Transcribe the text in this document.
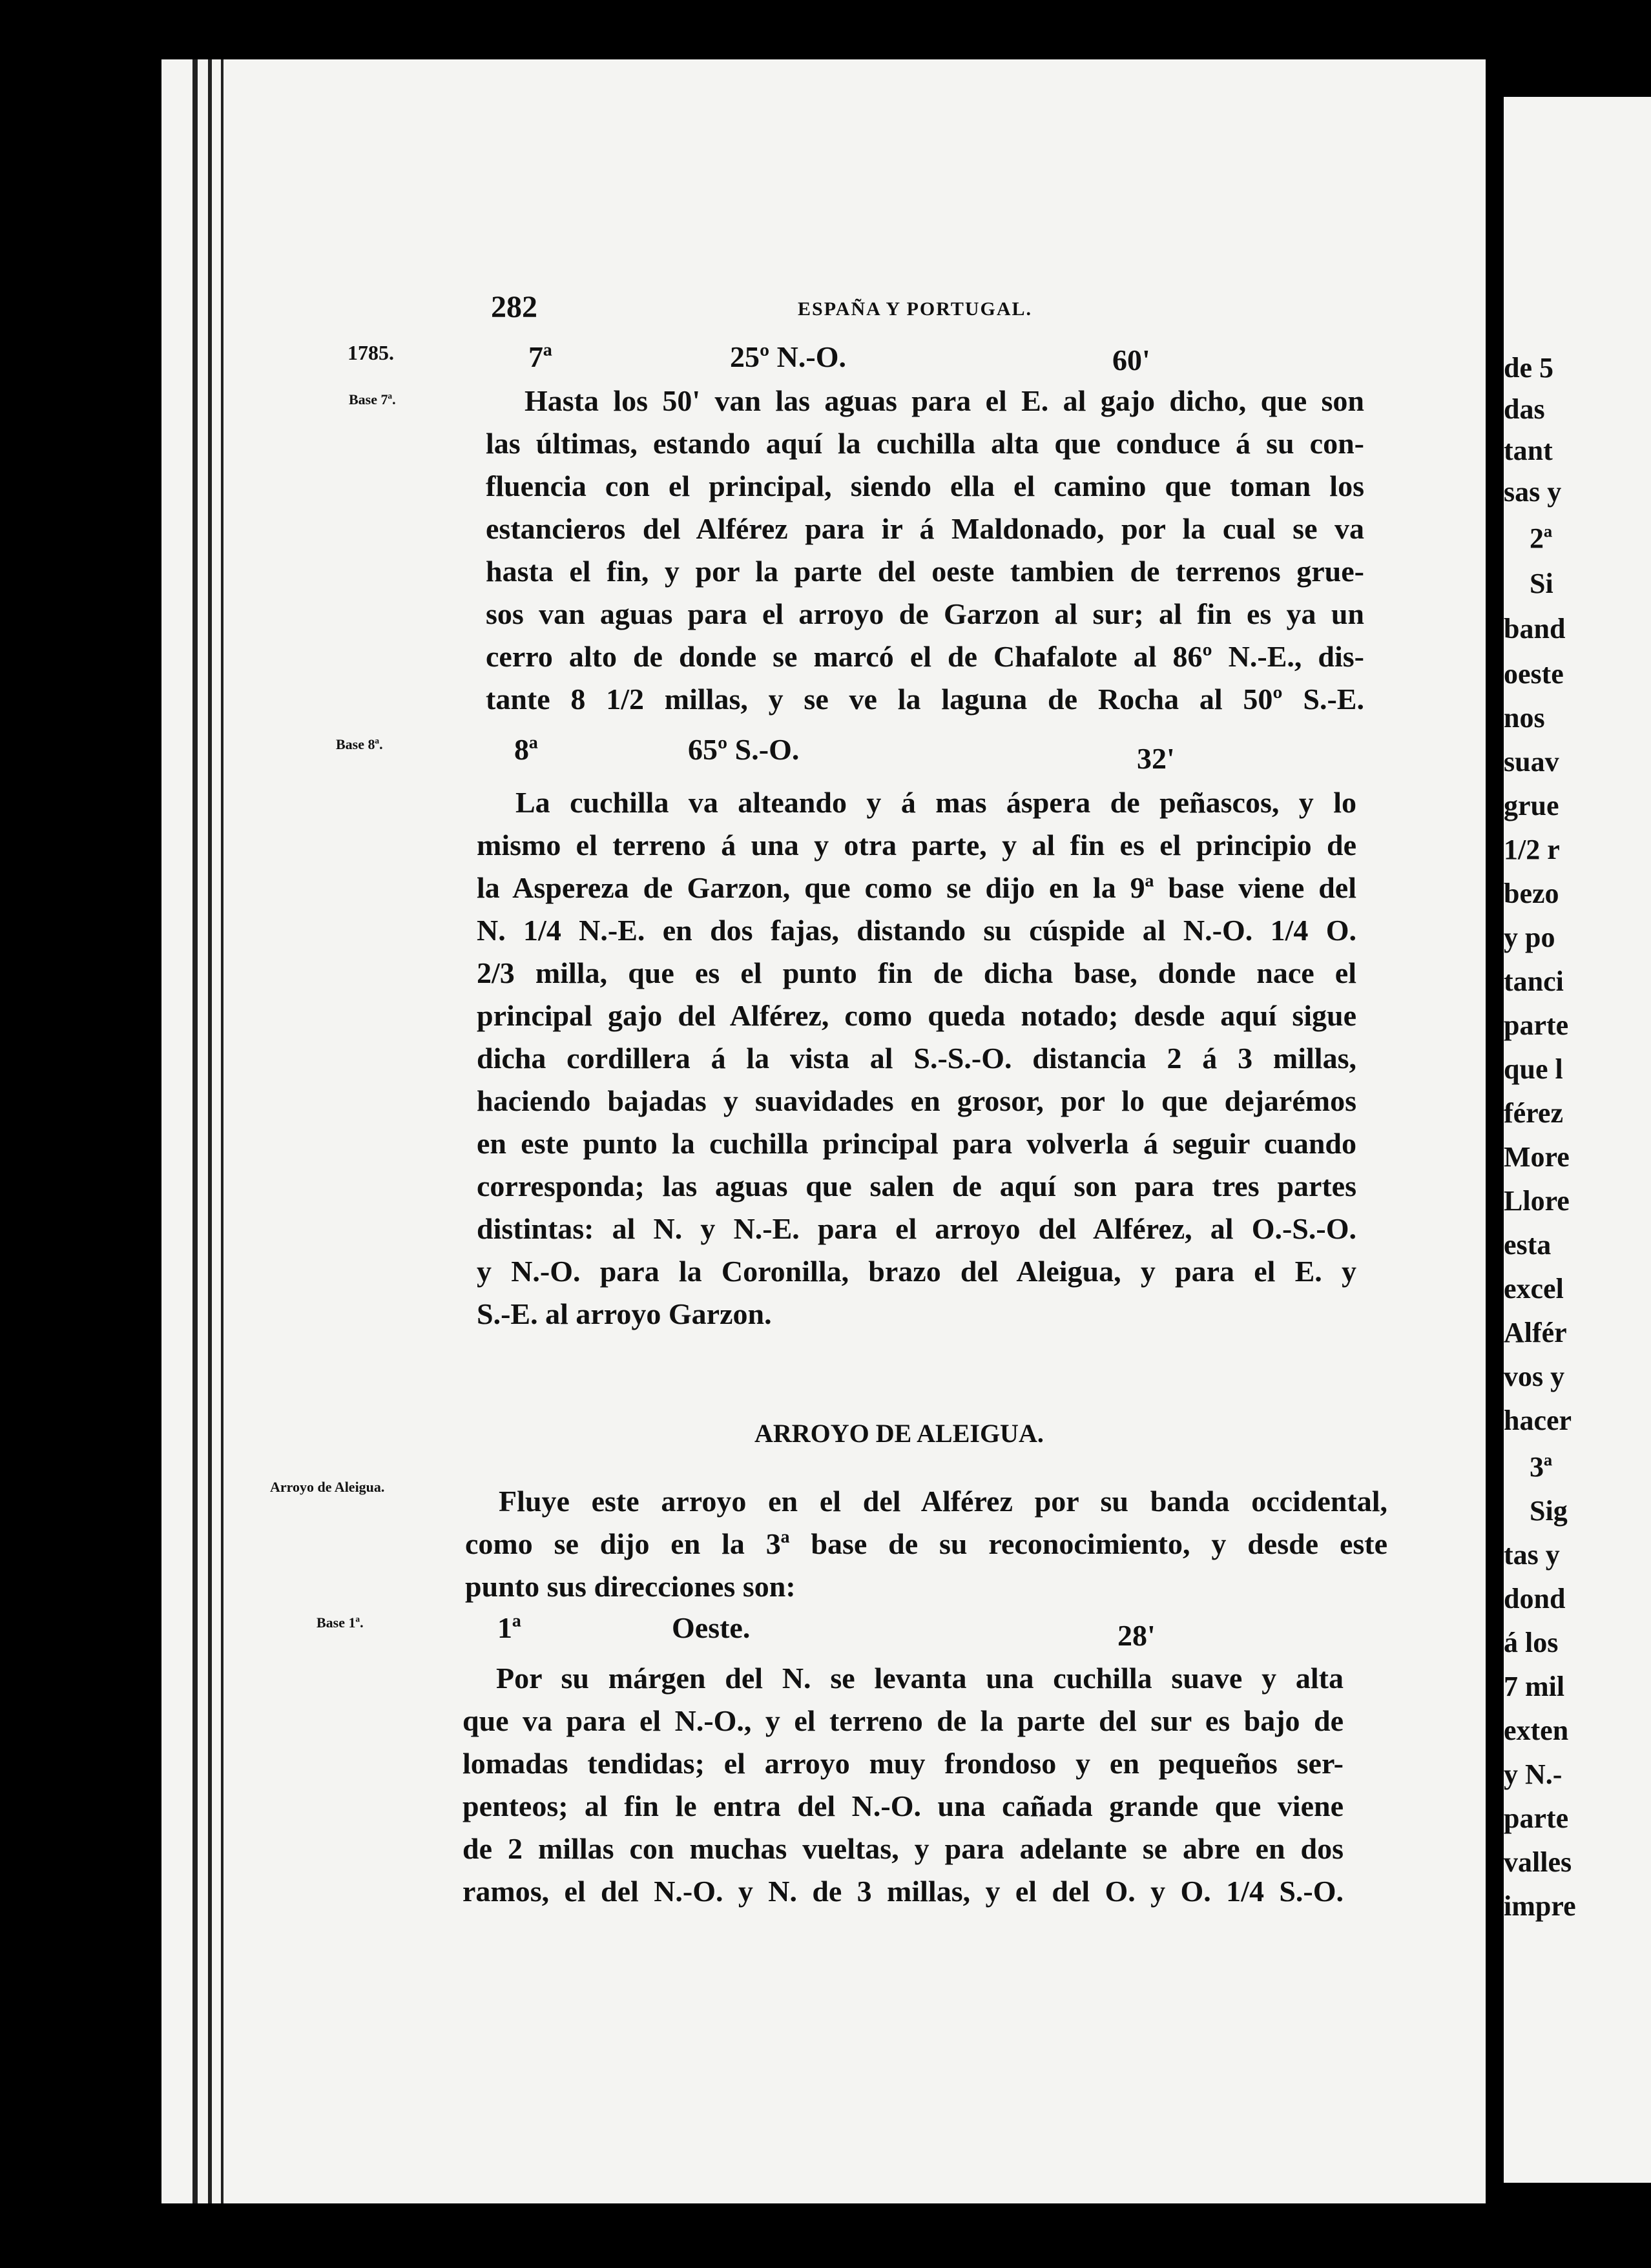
282	ESPAÑA Y PORTUGAL.
1785.
Base 7ª.
Base 8ª.
Arroyo de Aleigua.
Base 1ª.
7ª	25º N.-O.	60'
8ª	65º S.-O.	32'
1ª	Oeste.	28'
Hasta los 50' van las aguas para el E. al gajo dicho, que son
las últimas, estando aquí la cuchilla alta que conduce á su con-
fluencia con el principal, siendo ella el camino que toman los
estancieros del Alférez para ir á Maldonado, por la cual se va
hasta el fin, y por la parte del oeste tambien de terrenos grue-
sos van aguas para el arroyo de Garzon al sur; al fin es ya un
cerro alto de donde se marcó el de Chafalote al 86º N.-E., dis-
tante 8 1/2 millas, y se ve la laguna de Rocha al 50º S.-E.
La cuchilla va alteando y á mas áspera de peñascos, y lo
mismo el terreno á una y otra parte, y al fin es el principio de
la Aspereza de Garzon, que como se dijo en la 9ª base viene del
N. 1/4 N.-E. en dos fajas, distando su cúspide al N.-O. 1/4 O.
2/3 milla, que es el punto fin de dicha base, donde nace el
principal gajo del Alférez, como queda notado; desde aquí sigue
dicha cordillera á la vista al S.-S.-O. distancia 2 á 3 millas,
haciendo bajadas y suavidades en grosor, por lo que dejarémos
en este punto la cuchilla principal para volverla á seguir cuando
corresponda; las aguas que salen de aquí son para tres partes
distintas: al N. y N.-E. para el arroyo del Alférez, al O.-S.-O.
y N.-O. para la Coronilla, brazo del Aleigua, y para el E. y
S.-E. al arroyo Garzon.
ARROYO DE ALEIGUA.
Fluye este arroyo en el del Alférez por su banda occidental,
como se dijo en la 3ª base de su reconocimiento, y desde este
punto sus direcciones son:
Por su márgen del N. se levanta una cuchilla suave y alta
que va para el N.-O., y el terreno de la parte del sur es bajo de
lomadas tendidas; el arroyo muy frondoso y en pequeños ser-
penteos; al fin le entra del N.-O. una cañada grande que viene
de 2 millas con muchas vueltas, y para adelante se abre en dos
ramos, el del N.-O. y N. de 3 millas, y el del O. y O. 1/4 S.-O.
de 5
das
tant
sas y
2ª
Si
band
oeste
nos
suav
grue
1/2 r
bezo
y po
tanci
parte
que l
férez
More
Llore
esta
excel
Alfér
vos y
hacer
3ª
Sig
tas y
dond
á los
7 mil
exten
y N.-
parte
valles
impre
